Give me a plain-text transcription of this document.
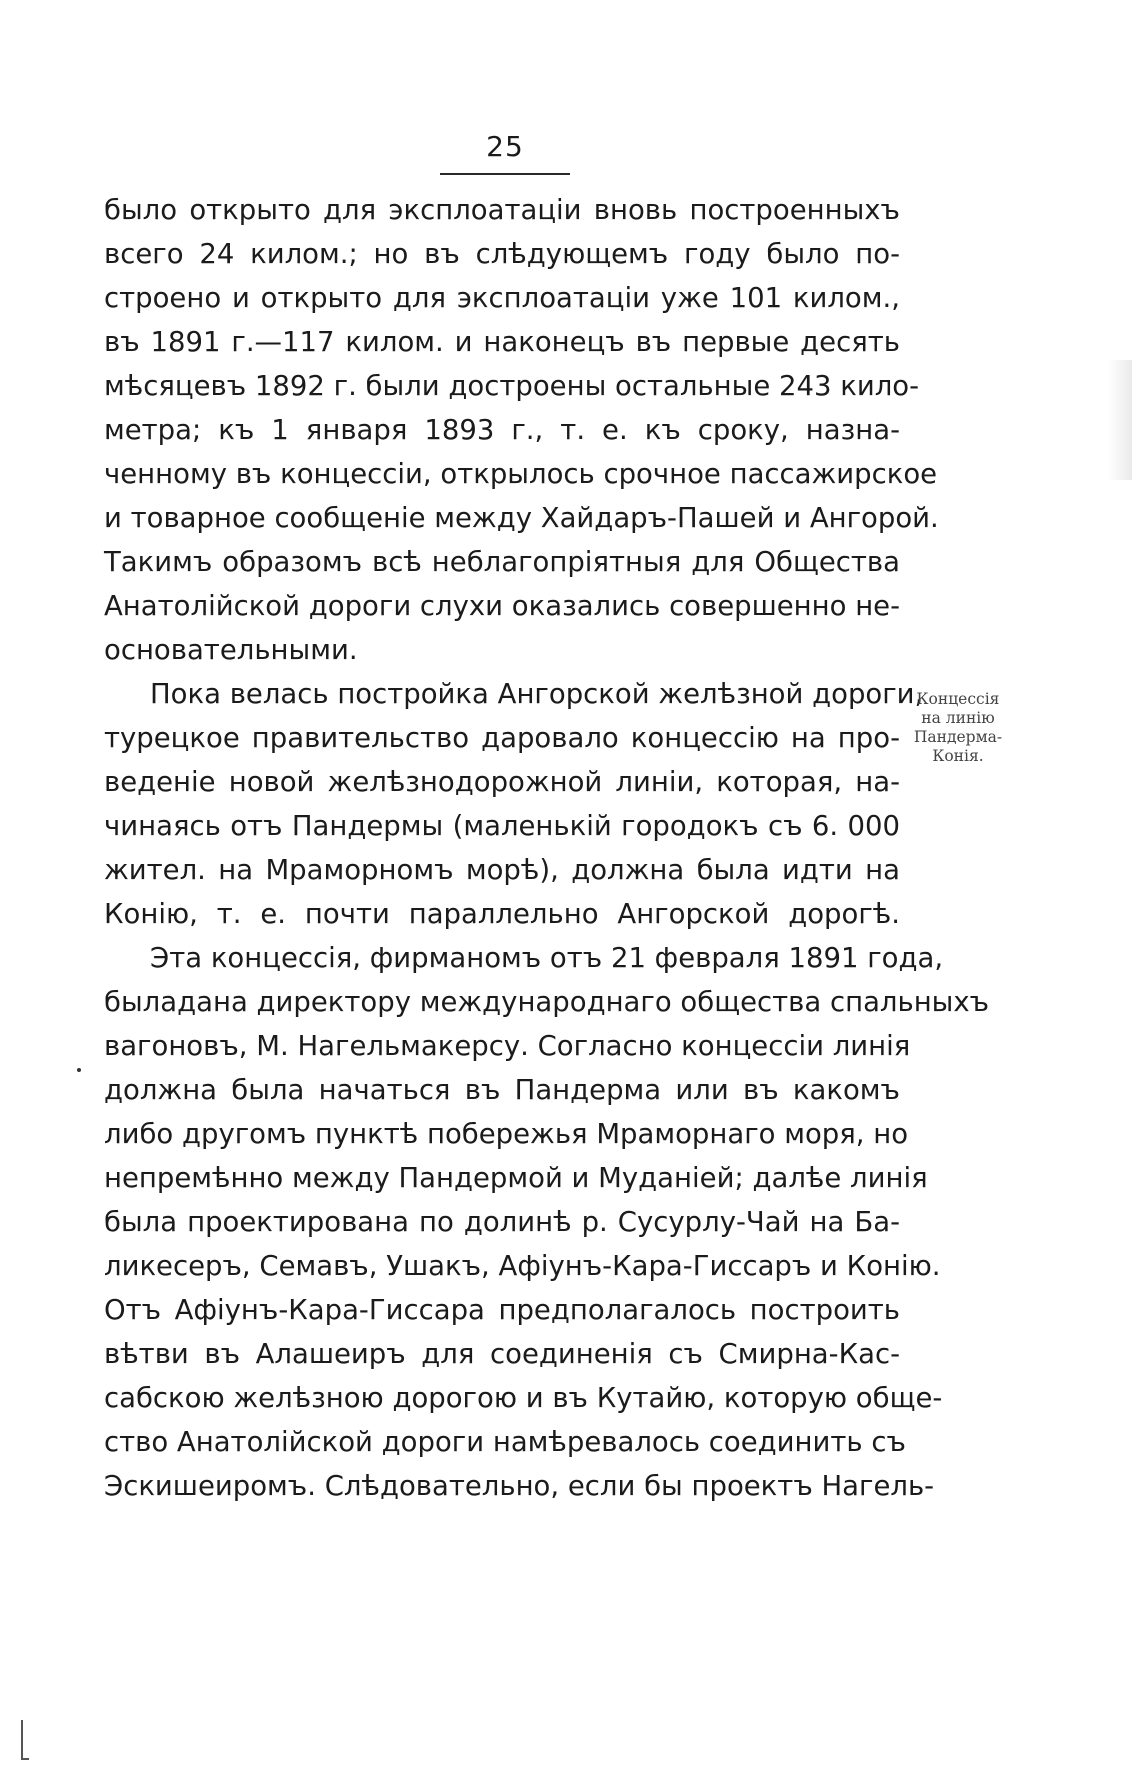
25
было открыто для эксплоатаціи вновь построенныхъ
всего 24 килом.; но въ слѣдующемъ году было по-
строено и открыто для эксплоатаціи уже 101 килом.,
въ 1891 г.—117 килом. и наконецъ въ первые десять
мѣсяцевъ 1892 г. были достроены остальные 243 кило-
метра; къ 1 января 1893 г., т. е. къ сроку, назна-
ченному въ концессіи, открылось срочное пассажирское
и товарное сообщеніе между Хайдаръ-Пашей и Ангорой.
Такимъ образомъ всѣ неблагопріятныя для Общества
Анатолійской дороги слухи оказались совершенно не-
основательными.
Пока велась постройка Ангорской желѣзной дороги,
турецкое правительство даровало концессію на про-
веденіе новой желѣзнодорожной линіи, которая, на-
чинаясь отъ Пандермы (маленькій городокъ съ 6. 000
жител. на Мраморномъ морѣ), должна была идти на
Конію, т. е. почти параллельно Ангорской дорогѣ.
Эта концессія, фирманомъ отъ 21 февраля 1891 года,
быладана директору международнаго общества спальныхъ
вагоновъ, М. Нагельмакерсу. Согласно концессіи линія
должна была начаться въ Пандерма или въ какомъ
либо другомъ пунктѣ побережья Мраморнаго моря, но
непремѣнно между Пандермой и Муданіей; далѣе линія
была проектирована по долинѣ р. Сусурлу-Чай на Ба-
ликесеръ, Семавъ, Ушакъ, Афіунъ-Кара-Гиссаръ и Конію.
Отъ Афіунъ-Кара-Гиссара предполагалось построить
вѣтви въ Алашеиръ для соединенія съ Смирна-Кас-
сабскою желѣзною дорогою и въ Кутайю, которую обще-
ство Анатолійской дороги намѣревалось соединить съ
Эскишеиромъ. Слѣдовательно, если бы проектъ Нагель-
Концессія
на линію
Пандерма-
Конія.
